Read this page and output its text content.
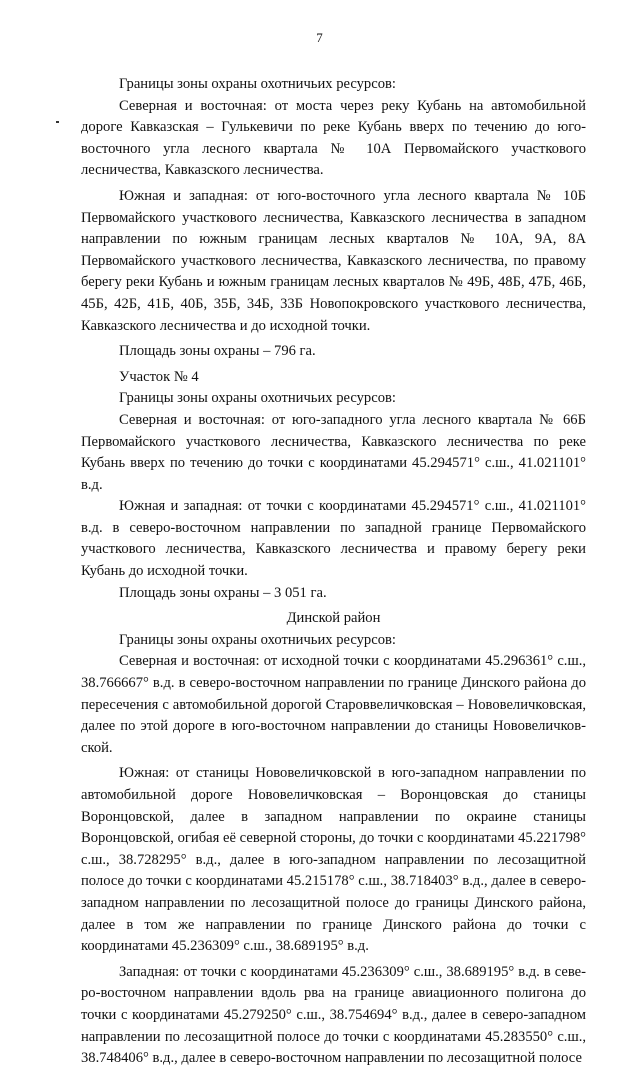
7

Границы зоны охраны охотничьих ресурсов:

Северная и восточная: от моста через реку Кубань на автомобильной дороге Кавказская – Гулькевичи по реке Кубань вверх по течению до юго-восточного угла лесного квартала № 10А Первомайского участкового лесничества, Кавказского лесничества.

Южная и западная: от юго-восточного угла лесного квартала № 10Б Первомайского участкового лесничества, Кавказского лесничества в западном направлении по южным границам лесных кварталов № 10А, 9А, 8А Первомайского участкового лесничества, Кавказского лесничества, по правому берегу реки Кубань и южным границам лесных кварталов № 49Б, 48Б, 47Б, 46Б, 45Б, 42Б, 41Б, 40Б, 35Б, 34Б, 33Б Новопокровского участкового лесничества, Кавказского лесничества и до исходной точки.

Площадь зоны охраны – 796 га.

Участок № 4

Границы зоны охраны охотничьих ресурсов:

Северная и восточная: от юго-западного угла лесного квартала № 66Б Первомайского участкового лесничества, Кавказского лесничества по реке Кубань вверх по течению до точки с координатами 45.294571° с.ш., 41.021101° в.д.

Южная и западная: от точки с координатами 45.294571° с.ш., 41.021101° в.д. в северо-восточном направлении по западной границе Первомайского участкового лесничества, Кавказского лесничества и правому берегу реки Кубань до исходной точки.

Площадь зоны охраны – 3 051 га.

Динской район

Границы зоны охраны охотничьих ресурсов:

Северная и восточная: от исходной точки с координатами 45.296361° с.ш., 38.766667° в.д. в северо-восточном направлении по границе Динского района до пересечения с автомобильной дорогой Староввеличковская – Нововеличковская, далее по этой дороге в юго-восточном направлении до станицы Нововеличковской.

Южная: от станицы Нововеличковской в юго-западном направлении по автомобильной дороге Нововеличковская – Воронцовская до станицы Воронцовской, далее в западном направлении по окраине станицы Воронцовской, огибая её северной стороны, до точки с координатами 45.221798° с.ш., 38.728295° в.д., далее в юго-западном направлении по лесозащитной полосе до точки с координатами 45.215178° с.ш., 38.718403° в.д., далее в северо-западном направлении по лесозащитной полосе до границы Динского района, далее в том же направлении по границе Динского района до точки с координатами 45.236309° с.ш., 38.689195° в.д.

Западная: от точки с координатами 45.236309° с.ш., 38.689195° в.д. в северо-восточном направлении вдоль рва на границе авиационного полигона до точки с координатами 45.279250° с.ш., 38.754694° в.д., далее в северо-западном направлении по лесозащитной полосе до точки с координатами 45.283550° с.ш., 38.748406° в.д., далее в северо-восточном направлении по лесозащитной полосе
